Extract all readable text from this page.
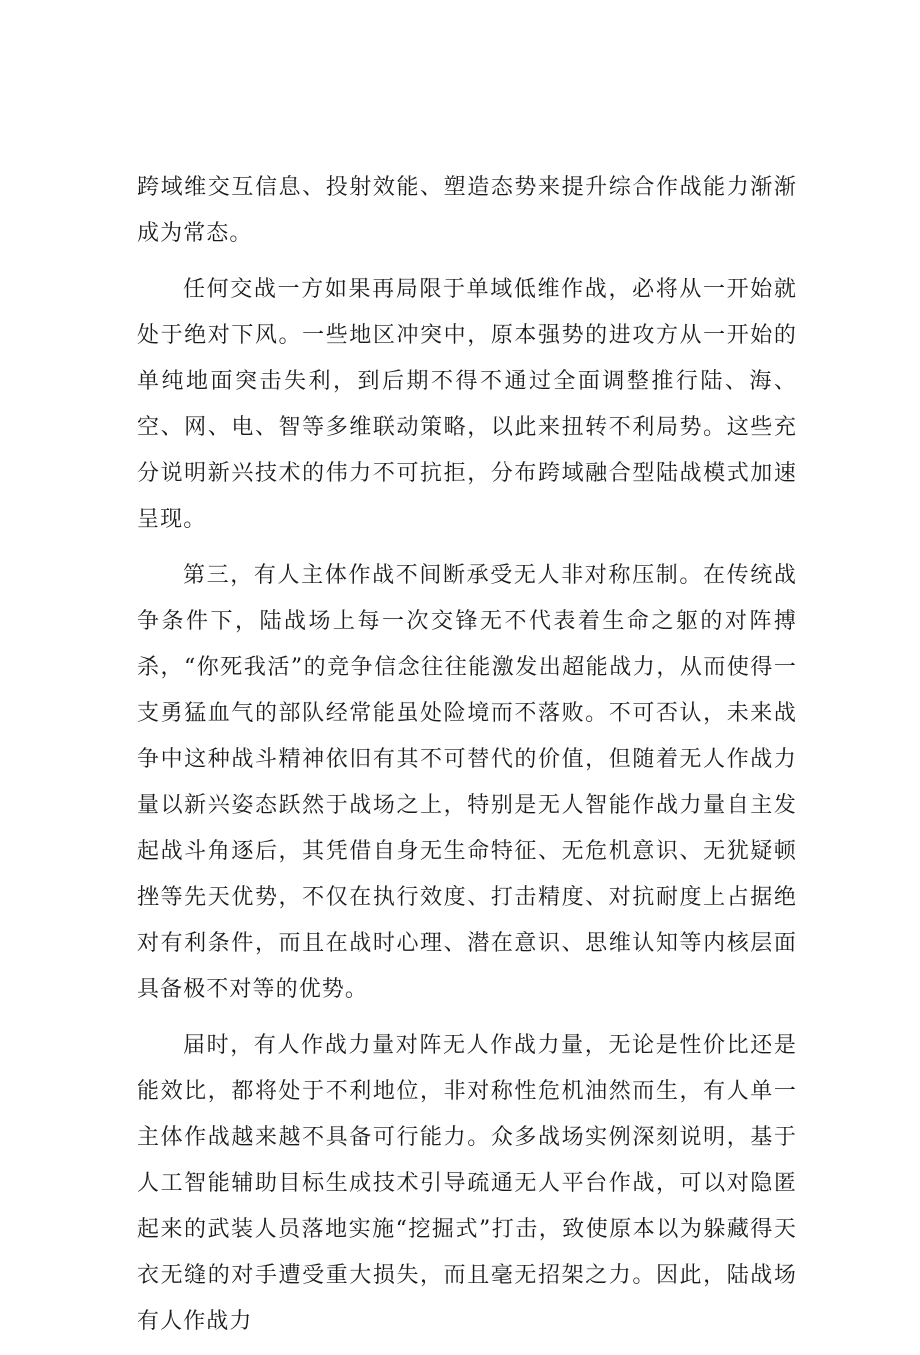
跨域维交互信息、投射效能、塑造态势来提升综合作战能力渐渐成为常态。

任何交战一方如果再局限于单域低维作战，必将从一开始就处于绝对下风。一些地区冲突中，原本强势的进攻方从一开始的单纯地面突击失利，到后期不得不通过全面调整推行陆、海、空、网、电、智等多维联动策略，以此来扭转不利局势。这些充分说明新兴技术的伟力不可抗拒，分布跨域融合型陆战模式加速呈现。

第三，有人主体作战不间断承受无人非对称压制。在传统战争条件下，陆战场上每一次交锋无不代表着生命之躯的对阵搏杀，“你死我活”的竞争信念往往能激发出超能战力，从而使得一支勇猛血气的部队经常能虽处险境而不落败。不可否认，未来战争中这种战斗精神依旧有其不可替代的价值，但随着无人作战力量以新兴姿态跃然于战场之上，特别是无人智能作战力量自主发起战斗角逐后，其凭借自身无生命特征、无危机意识、无犹疑顿挫等先天优势，不仅在执行效度、打击精度、对抗耐度上占据绝对有利条件，而且在战时心理、潜在意识、思维认知等内核层面具备极不对等的优势。

届时，有人作战力量对阵无人作战力量，无论是性价比还是能效比，都将处于不利地位，非对称性危机油然而生，有人单一主体作战越来越不具备可行能力。众多战场实例深刻说明，基于人工智能辅助目标生成技术引导疏通无人平台作战，可以对隐匿起来的武装人员落地实施“挖掘式”打击，致使原本以为躲藏得天衣无缝的对手遭受重大损失，而且毫无招架之力。因此，陆战场有人作战力
